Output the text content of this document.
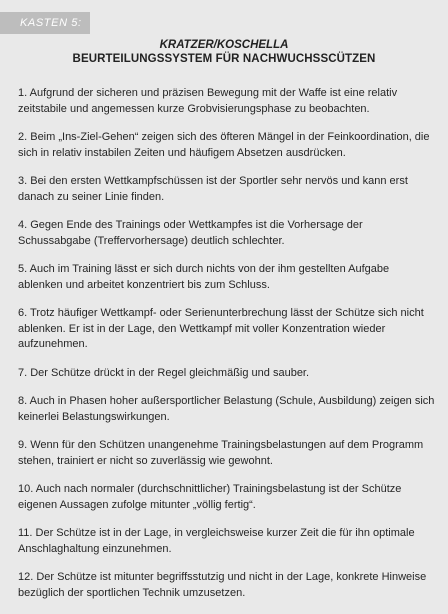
KASTEN 5:
KRATZER/KOSCHELLA
BEURTEILUNGSSYSTEM FÜR NACHWUCHSSCÜTZEN
1. Aufgrund der sicheren und präzisen Bewegung mit der Waffe ist eine relativ zeitstabile und angemessen kurze Grobvisierungsphase zu beobachten.
2. Beim „Ins-Ziel-Gehen“ zeigen sich des öfteren Mängel in der Feinkoordination, die sich in relativ instabilen Zeiten und häufigem Absetzen ausdrücken.
3. Bei den ersten Wettkampfschüssen ist der Sportler sehr nervös und kann erst danach zu seiner Linie finden.
4. Gegen Ende des Trainings oder Wettkampfes ist die Vorhersage der Schussabgabe (Treffervorhersage) deutlich schlechter.
5. Auch im Training lässt er sich durch nichts von der ihm gestellten Aufgabe ablenken und arbeitet konzentriert bis zum Schluss.
6. Trotz häufiger Wettkampf- oder Serienunterbrechung lässt der Schütze sich nicht ablenken. Er ist in der Lage, den Wettkampf mit voller Konzentration wieder aufzunehmen.
7. Der Schütze drückt in der Regel gleichmäßig und sauber.
8. Auch in Phasen hoher außersportlicher Belastung (Schule, Ausbildung) zeigen sich keinerlei Belastungswirkungen.
9. Wenn für den Schützen unangenehme Trainingsbelastungen auf dem Programm stehen, trainiert er nicht so zuverlässig wie gewohnt.
10. Auch nach normaler (durchschnittlicher) Trainingsbelastung ist der Schütze eigenen Aussagen zufolge mitunter „völlig fertig“.
11. Der Schütze ist in der Lage, in vergleichsweise kurzer Zeit die für ihn optimale Anschlaghaltung einzunehmen.
12. Der Schütze ist mitunter begriffsstutzig und nicht in der Lage, konkrete Hinweise bezüglich der sportlichen Technik umzusetzen.
